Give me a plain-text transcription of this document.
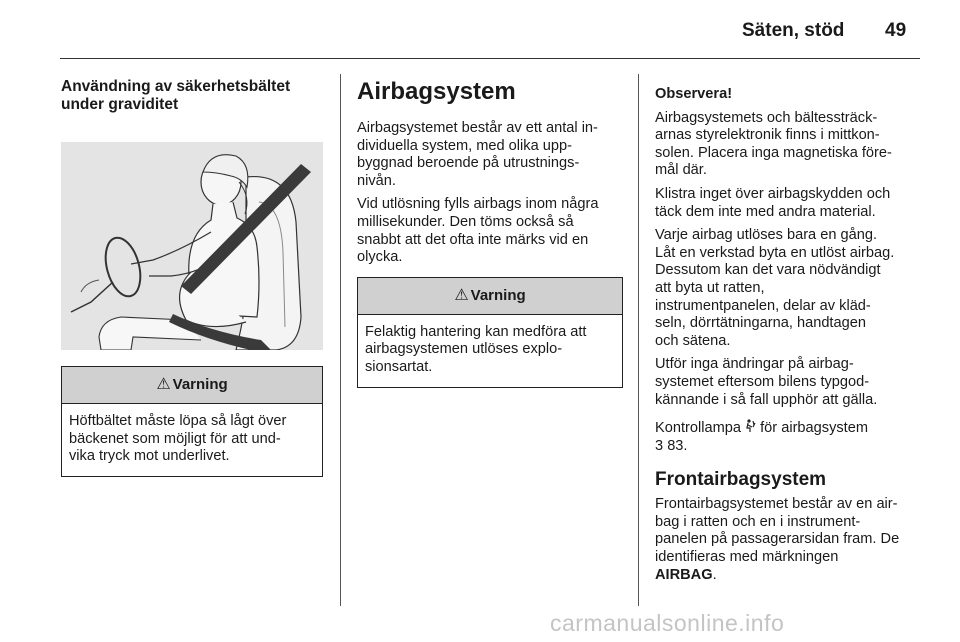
Säten, stöd 49
Användning av säkerhetsbältet
under graviditet
⚠ Varning
Höftbältet måste löpa så lågt över
bäckenet som möjligt för att und-
vika tryck mot underlivet.
Airbagsystem

Airbagsystemet består av ett antal in-
dividuella system, med olika upp-
byggnad beroende på utrustnings-
nivån.

Vid utlösning fylls airbags inom några
millisekunder. Den töms också så
snabbt att det ofta inte märks vid en
olycka.

⚠ Varning
Felaktig hantering kan medföra att
airbagsystemen utlöses explo-
sionsartat.

Observera!

Airbagsystemets och bältessträck-
arnas styrelektronik finns i mittkon-
solen. Placera inga magnetiska före-
mål där.

Klistra inget över airbagskydden och
täck dem inte med andra material.

Varje airbag utlöses bara en gång.
Låt en verkstad byta en utlöst airbag.
Dessutom kan det vara nödvändigt
att byta ut ratten,
instrumentpanelen, delar av kläd-
seln, dörrtätningarna, handtagen
och sätena.

Utför inga ändringar på airbag-
systemet eftersom bilens typgod-
kännande i så fall upphör att gälla.

Kontrollampa för airbagsystem
3 83.

Frontairbagsystem

Frontairbagsystemet består av en air-
bag i ratten och en i instrument-
panelen på passagerarsidan fram. De
identifieras med märkningen
AIRBAG.

carmanualsonline.info
